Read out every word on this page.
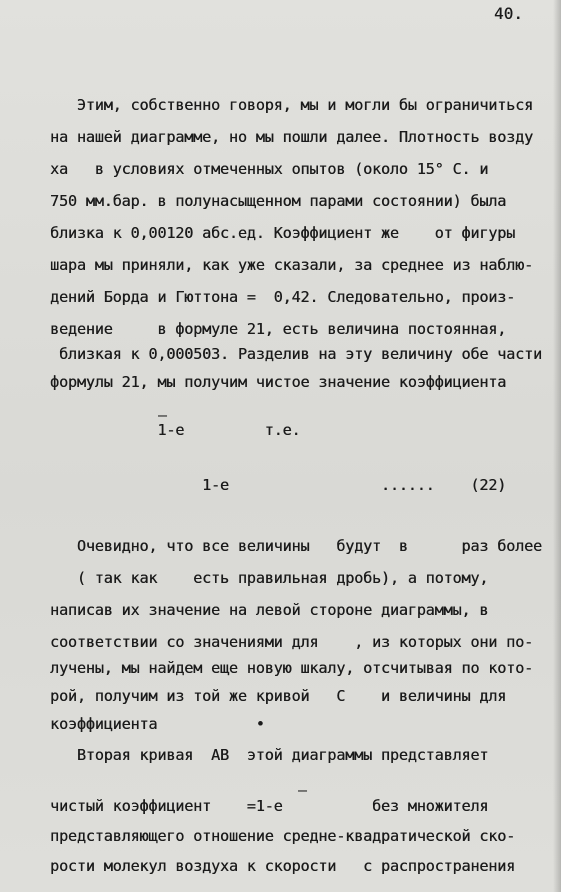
40.

Этим, собственно говоря, мы и могли бы ограничиться

на нашей диаграмме, но мы пошли далее. Плотность возду

ха   в условиях отмеченных опытов (около 15° С. и

750 мм.бар. в полунасыщенном парами состоянии) была

близка к 0,00120 абс.ед. Коэффициент же    от фигуры

шара мы приняли, как уже сказали, за среднее из наблю-

дений Борда и Гюттона =  0,42. Следовательно, произ-

ведение     в формуле 21, есть величина постоянная,

близкая к 0,000503. Разделив на эту величину обе части

формулы 21, мы получим чистое значение коэффициента

1-е         т.е.

—

1-е                 ......    (22)

Очевидно, что все величины   будут  в      раз более

( так как    есть правильная дробь), а потому,

написав их значение на левой стороне диаграммы, в

соответствии со значениями для    , из которых они по-

лучены, мы найдем еще новую шкалу, отсчитывая по кото-

рой, получим из той же кривой   С    и величины для

коэффициента           •

Вторая кривая  АВ  этой диаграммы представляет

чистый коэффициент    =1-е          без множителя

—

представляющего отношение средне-квадратической ско-

рости молекул воздуха к скорости   с распространения
